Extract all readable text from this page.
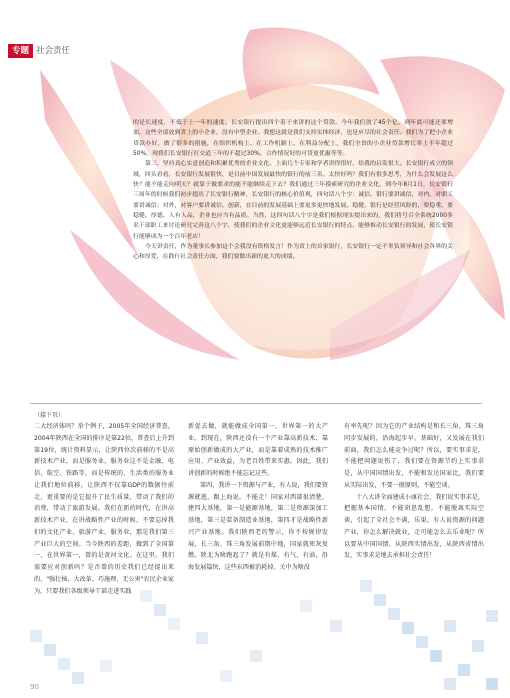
专题 社会责任

的是长速度，不低于上一年的速度。长安银行提出四个着于来讲的这个贷款。今年我们放了45个亿，到年底可能还要增加，这些全部放到省上的小企业，没有中型企业。我想这就是我们支持实体经济，也是应尽的社会责任。我们为了把小企业贷款办好，做了很多的措施，在组织机构上、在工作机制上、在利益分配上，我们全省的小企业贷款增长率上半年超过50%，现我们长安银行打交道三年的不超过30%，合作情况好的可贷更优惠等等。

第三，坚持真心实意创造和积累优秀的企业文化。上面几个专家和学者讲得很好，给我的启发很大。长安银行成立的领域，回头看看，长安银行发展很快，是目前中国发展最快的银行的前三名。太快好吗？我们有很多思考，为什么会发展这么快？能不能走向明天？就靠于做要求的能不能继续走下去？我们通过三年摸索研究的企业文化，到今年8月1日，长安银行三周年的时候我们初步提出了长安银行精神，长安银行的核心价值观，四句话八个字：诚信，银行要讲诚信，对内，对职工要讲诚信；对外，对客户要讲诚信。创新，在目前的发展基础上要更多更快地发展。稳健，银行是经营风险的，要稳重，要稳健。厚德，人有人品，企业也应当有品质。当然，这四句话八个字是我们根据现实提出来的，我们将号召全系统2000多名干部职工来讨论研究完善这八个字，使我们的企业文化更能够远近长安银行的特点，能够推动长安银行的发展，使长安银行能够成为一个百年老店！

今天讲责任，作为董事长参加这个会我没有资格发言！作为省上的首家银行，长安银行一定不辜负领导和社会各界的关心和厚爱，在践行社会责任方面，我们要做出新的更大的成绩。

（接下页）

二大经济体吗？举个例子，2005年全国经济普查，2004年陕西在全国的排序是第22位，普查后上升到第19位，统计资料显示，让陕西位次前移的不是高新技术产业，而是服务业，服务业这不是金融、电信、航空、铁路等，而是传统的、生活类的服务业让我们地位前移，让陕西不仅靠GDP的数据往前走，更重要的是它提升了民生质量，带动了我们的消费，带动了旅游发展。我们在新的时代，在讲高新技术产业，在讲战略性产业的时候，不要忘掉我们的文化产业、旅游产业，服务业，那是我们第三产业巨大的空间。当今陕西的差距，做到了全国第一，在世界第一，曾的是黄河文化。在这里，我们需要应对创新吗？是否曾的历史我们已经提出来的，"强壮核、大改革、巧施理、无公害"农民企业家为，只要我们各级领导干部走进实践

新促去做，就能做成全国第一、世界第一的大产业。到现在，陕西还没有一个产业靠高新技术、靠原始创新做成的大产业，而是靠着成熟的技术推广应用、产业效益，为老百姓带来实惠。因此，我们讲创新的时候绝不能忘记这些。

第四，我讲一下资源与产业，有人说，我们要资源就逃，跟上海说，不能走！国家对西部很清楚，建四大基地，第一是能源基地，第二是资源深加工基地，第三是装备制造业基地，第四才是战略性新兴产业基地。我们陕西老的警示，你不按规律发展，长三角、珠三角发展前期中地，国家就死灰复燃。陕北为啥跑起了？就是有煤、有气、有油，沿海发展篇快，这些东西被消耗掉。关中为啥没

有率先呢？因为它的产业结构是和长三角、珠三角同步发展的，沿海起步早，基础好，又发展在我们前面，我们怎么能竞争过呢？所以，要实事求是，不能把问题说伤了，我们要在资源节约上实事求是，从中国国情出发，不能和发达国家比，我们要从实际出发，不要一般原则，不能空谈。

十八大讲全面建成小康社会，我们说实事求是，把握基本国情，不能胡思乱想，不能脱离实际空谈，引起了全社会不满，乐果，有人说资源的问题产业，你怎么解决就业，走可能怎么去乐业呢？所以要从中国国情、从陕西实情出发，从陕西省情出发，实事求是地去承担社会责任！

90
